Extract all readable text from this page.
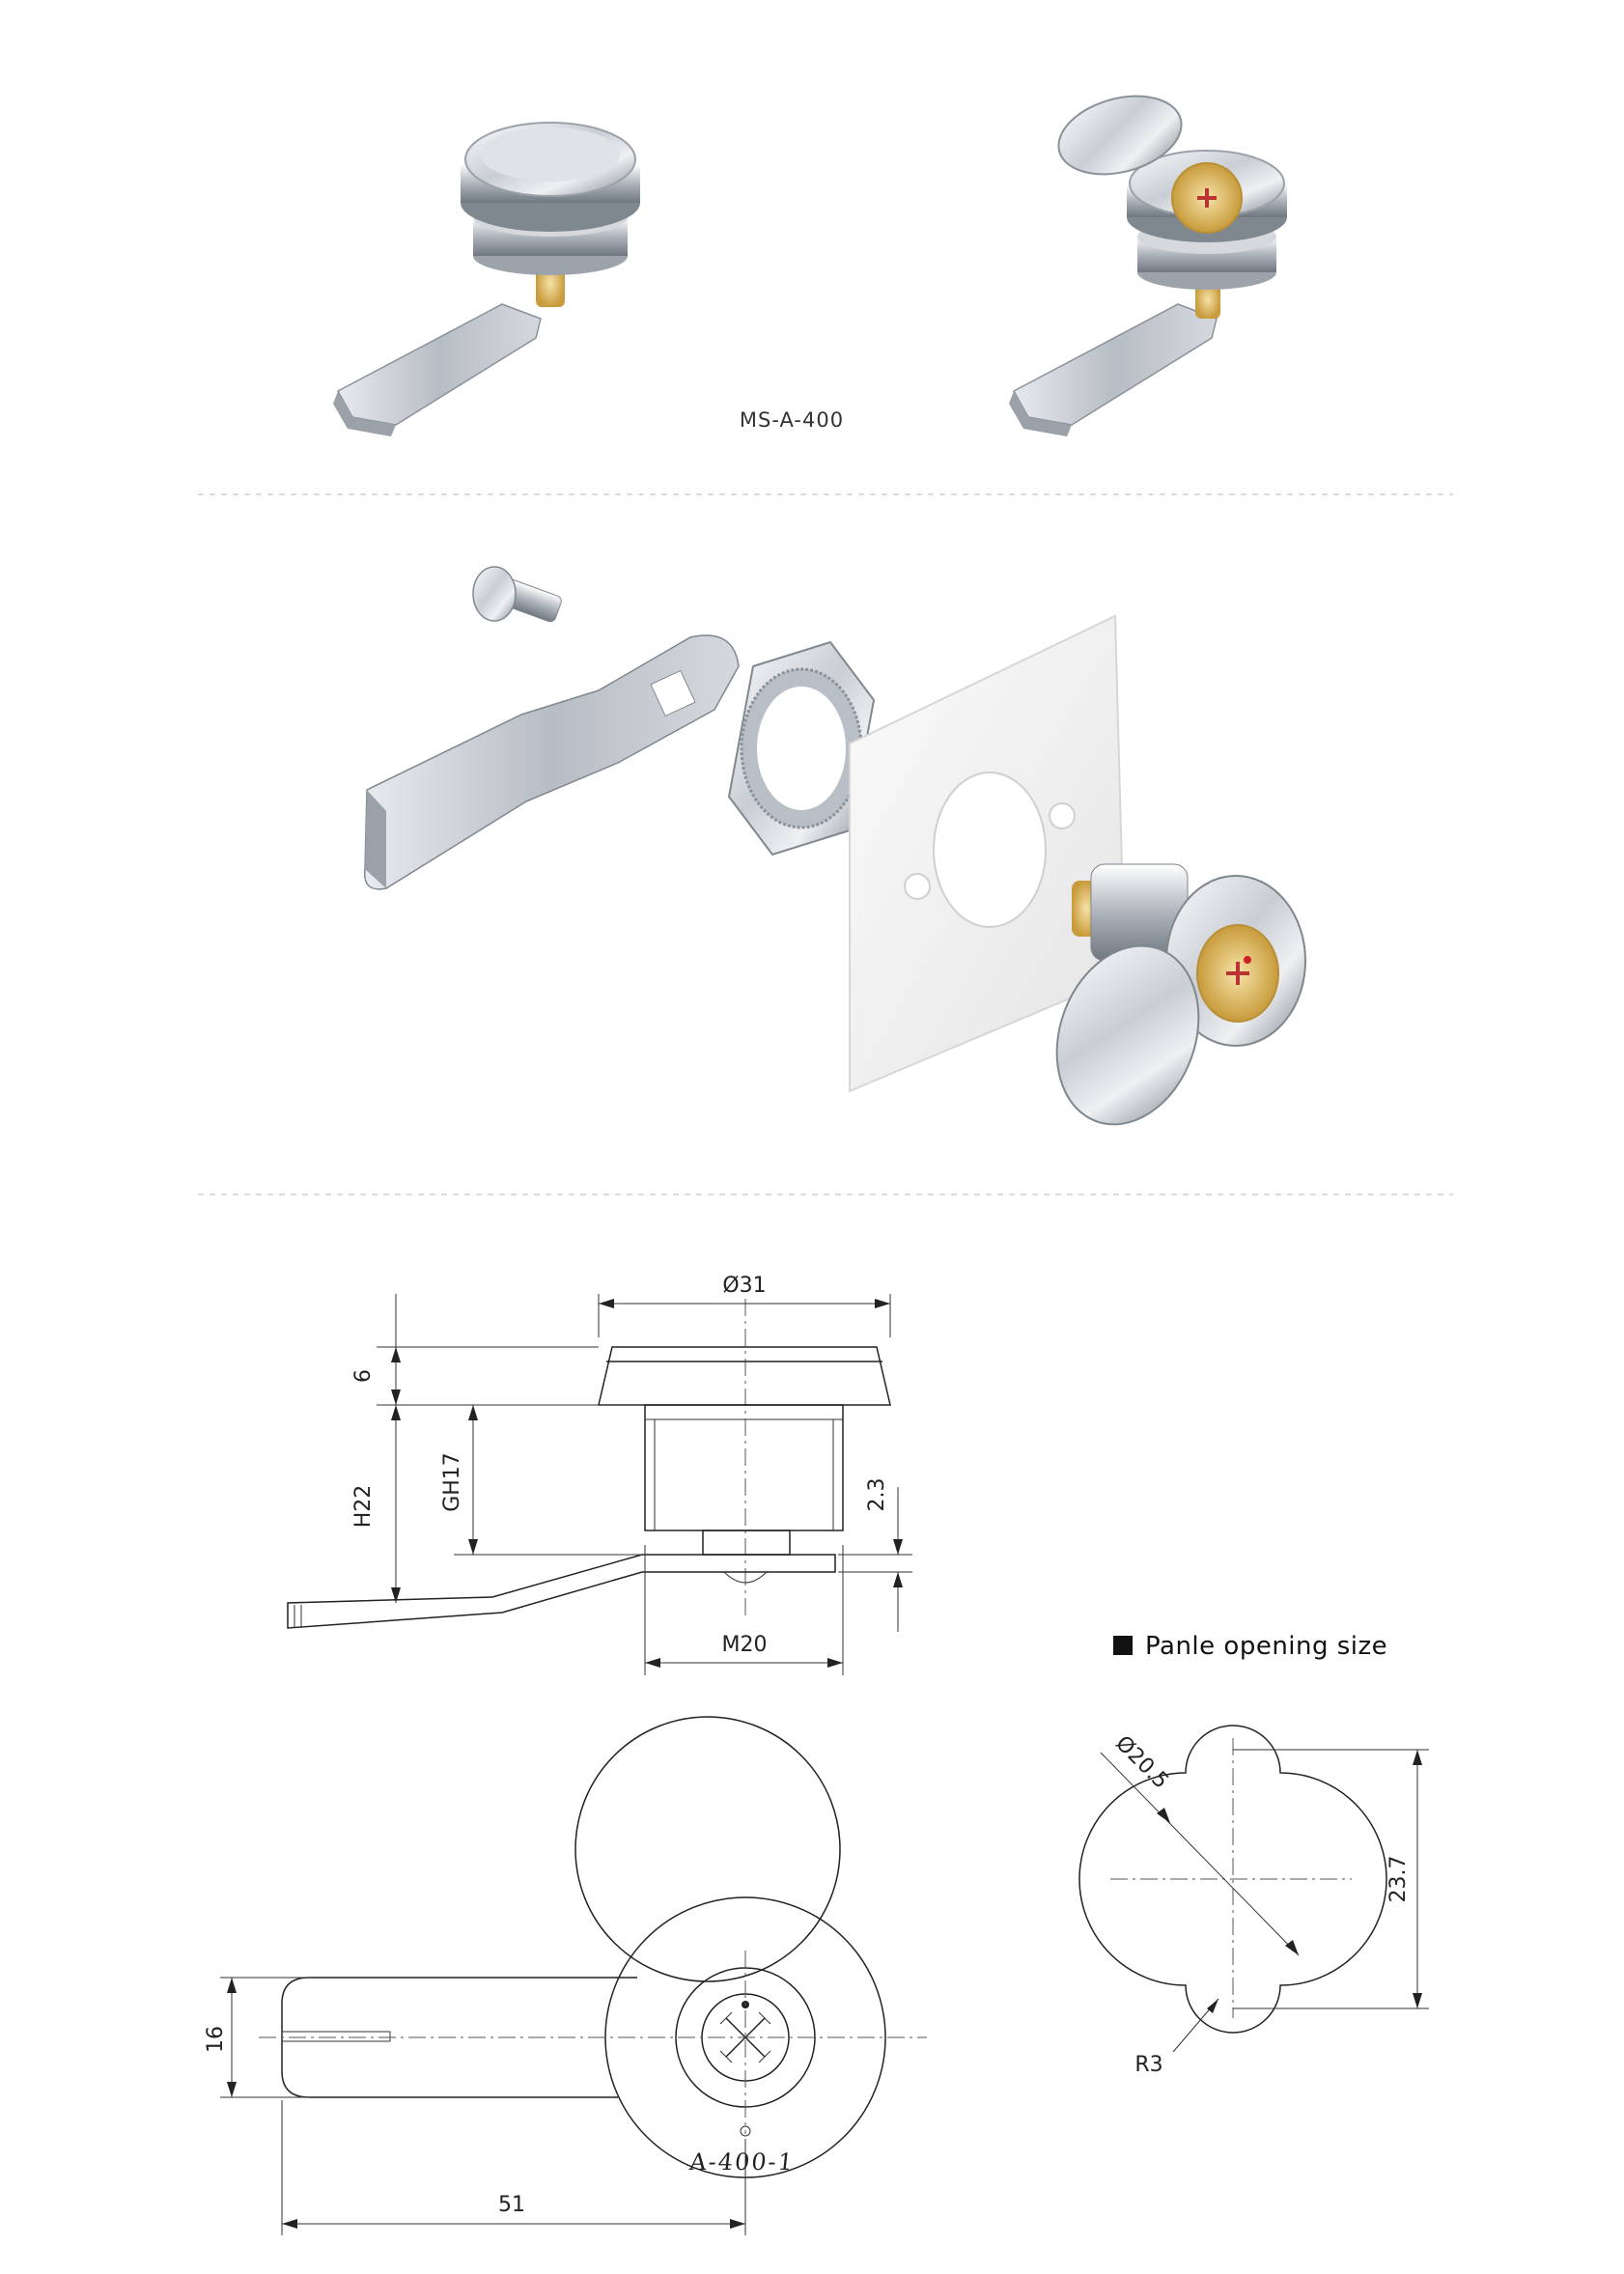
MS-A-400
Ø31
6
H22	GH17	2.3
M20	Panle opening size
A-400-1
16
51
23.7
Ø20.5
R3
